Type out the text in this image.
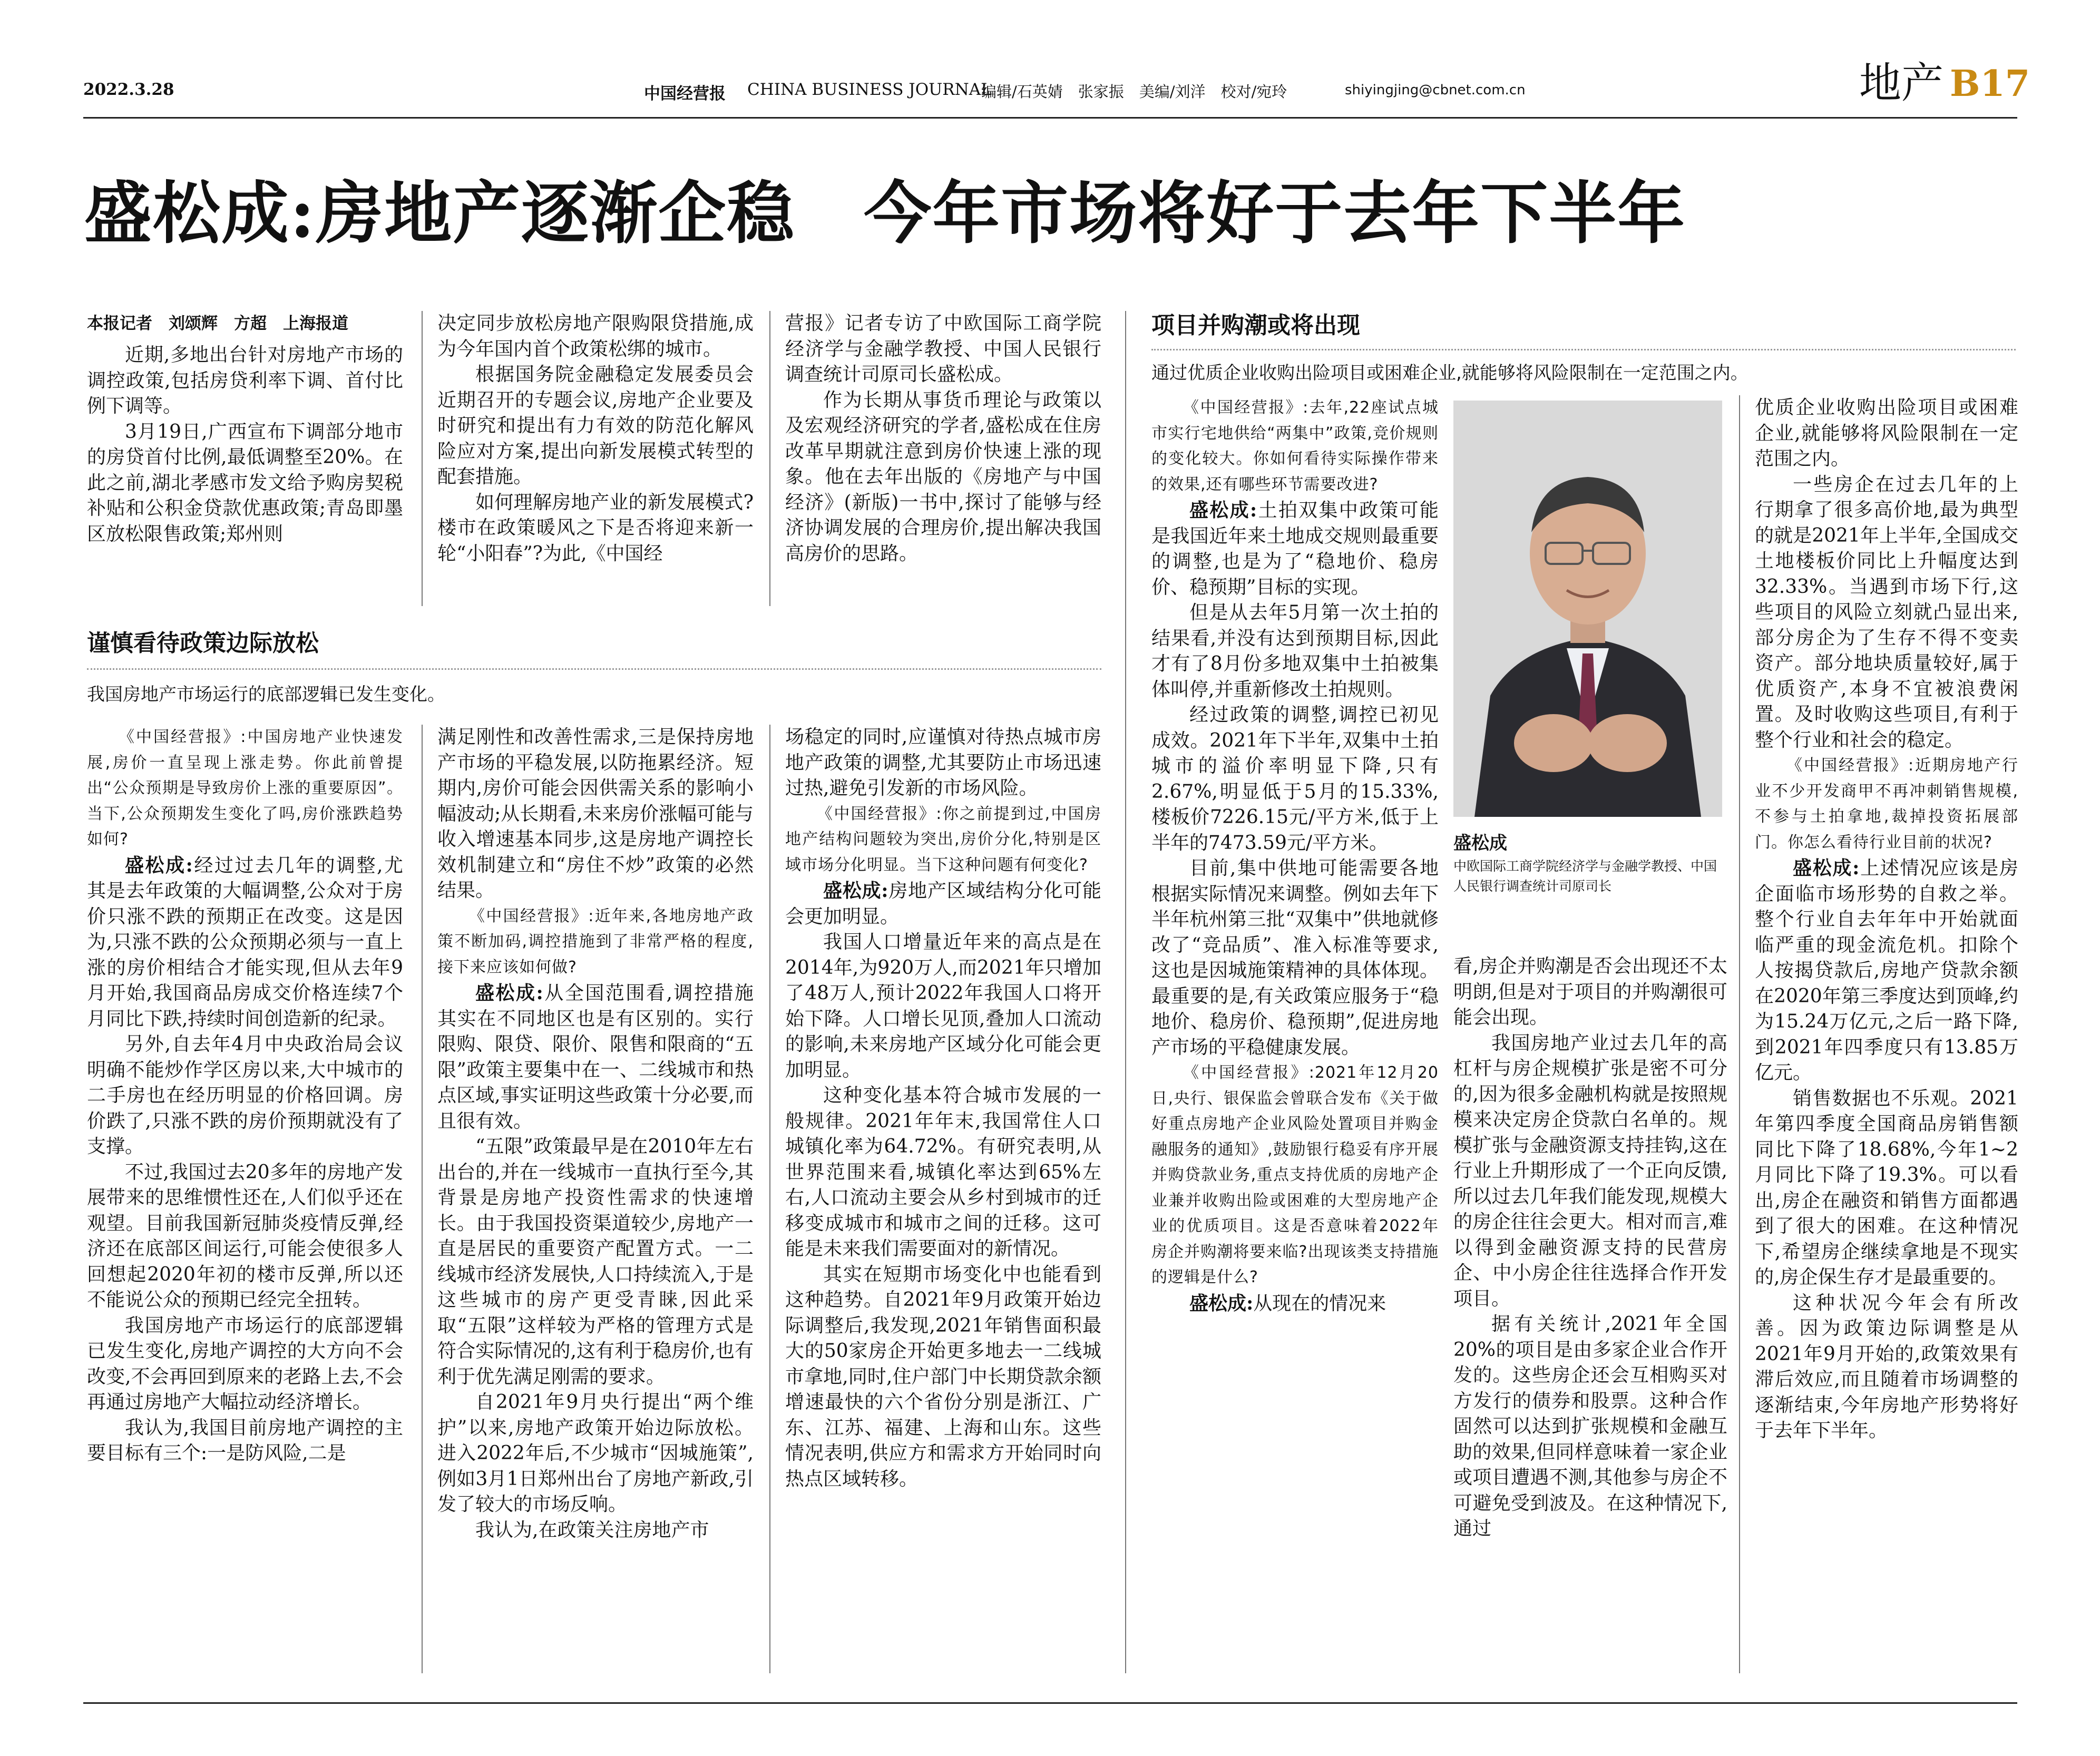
2022.3.28	中国经营报 CHINA BUSINESS JOURNAL
编辑/石英婧　张家振　美编/刘洋　校对/宛玲	shiyingjing@cbnet.com.cn	地产 B17
盛松成:房地产逐渐企稳　今年市场将好于去年下半年
本报记者　刘颂辉　方超　上海报道

近期,多地出台针对房地产市场的调控政策,包括房贷利率下调、首付比例下调等。

3月19日,广西宣布下调部分地市的房贷首付比例,最低调整至20%。在此之前,湖北孝感市发文给予购房契税补贴和公积金贷款优惠政策;青岛即墨区放松限售政策;郑州则

决定同步放松房地产限购限贷措施,成为今年国内首个政策松绑的城市。

根据国务院金融稳定发展委员会近期召开的专题会议,房地产企业要及时研究和提出有力有效的防范化解风险应对方案,提出向新发展模式转型的配套措施。

如何理解房地产业的新发展模式?楼市在政策暖风之下是否将迎来新一轮“小阳春”?为此,《中国经

营报》记者专访了中欧国际工商学院经济学与金融学教授、中国人民银行调查统计司原司长盛松成。

作为长期从事货币理论与政策以及宏观经济研究的学者,盛松成在住房改革早期就注意到房价快速上涨的现象。他在去年出版的《房地产与中国经济》(新版)一书中,探讨了能够与经济协调发展的合理房价,提出解决我国高房价的思路。

谨慎看待政策边际放松
我国房地产市场运行的底部逻辑已发生变化。

《中国经营报》:中国房地产业快速发展,房价一直呈现上涨走势。你此前曾提出“公众预期是导致房价上涨的重要原因”。当下,公众预期发生变化了吗,房价涨跌趋势如何?

盛松成:经过过去几年的调整,尤其是去年政策的大幅调整,公众对于房价只涨不跌的预期正在改变。这是因为,只涨不跌的公众预期必须与一直上涨的房价相结合才能实现,但从去年9月开始,我国商品房成交价格连续7个月同比下跌,持续时间创造新的纪录。

另外,自去年4月中央政治局会议明确不能炒作学区房以来,大中城市的二手房也在经历明显的价格回调。房价跌了,只涨不跌的房价预期就没有了支撑。

不过,我国过去20多年的房地产发展带来的思维惯性还在,人们似乎还在观望。目前我国新冠肺炎疫情反弹,经济还在底部区间运行,可能会使很多人回想起2020年初的楼市反弹,所以还不能说公众的预期已经完全扭转。

我国房地产市场运行的底部逻辑已发生变化,房地产调控的大方向不会改变,不会再回到原来的老路上去,不会再通过房地产大幅拉动经济增长。

我认为,我国目前房地产调控的主要目标有三个:一是防风险,二是

满足刚性和改善性需求,三是保持房地产市场的平稳发展,以防拖累经济。短期内,房价可能会因供需关系的影响小幅波动;从长期看,未来房价涨幅可能与收入增速基本同步,这是房地产调控长效机制建立和“房住不炒”政策的必然结果。

《中国经营报》:近年来,各地房地产政策不断加码,调控措施到了非常严格的程度,接下来应该如何做?

盛松成:从全国范围看,调控措施其实在不同地区也是有区别的。实行限购、限贷、限价、限售和限商的“五限”政策主要集中在一、二线城市和热点区域,事实证明这些政策十分必要,而且很有效。

“五限”政策最早是在2010年左右出台的,并在一线城市一直执行至今,其背景是房地产投资性需求的快速增长。由于我国投资渠道较少,房地产一直是居民的重要资产配置方式。一二线城市经济发展快,人口持续流入,于是这些城市的房产更受青睐,因此采取“五限”这样较为严格的管理方式是符合实际情况的,这有利于稳房价,也有利于优先满足刚需的要求。

自2021年9月央行提出“两个维护”以来,房地产政策开始边际放松。进入2022年后,不少城市“因城施策”,例如3月1日郑州出台了房地产新政,引发了较大的市场反响。

我认为,在政策关注房地产市

场稳定的同时,应谨慎对待热点城市房地产政策的调整,尤其要防止市场迅速过热,避免引发新的市场风险。

《中国经营报》:你之前提到过,中国房地产结构问题较为突出,房价分化,特别是区域市场分化明显。当下这种问题有何变化?

盛松成:房地产区域结构分化可能会更加明显。

我国人口增量近年来的高点是在2014年,为920万人,而2021年只增加了48万人,预计2022年我国人口将开始下降。人口增长见顶,叠加人口流动的影响,未来房地产区域分化可能会更加明显。

这种变化基本符合城市发展的一般规律。2021年年末,我国常住人口城镇化率为64.72%。有研究表明,从世界范围来看,城镇化率达到65%左右,人口流动主要会从乡村到城市的迁移变成城市和城市之间的迁移。这可能是未来我们需要面对的新情况。

其实在短期市场变化中也能看到这种趋势。自2021年9月政策开始边际调整后,我发现,2021年销售面积最大的50家房企开始更多地去一二线城市拿地,同时,住户部门中长期贷款余额增速最快的六个省份分别是浙江、广东、江苏、福建、上海和山东。这些情况表明,供应方和需求方开始同时向热点区域转移。

项目并购潮或将出现
通过优质企业收购出险项目或困难企业,就能够将风险限制在一定范围之内。

《中国经营报》:去年,22座试点城市实行宅地供给“两集中”政策,竞价规则的变化较大。你如何看待实际操作带来的效果,还有哪些环节需要改进?

盛松成:土拍双集中政策可能是我国近年来土地成交规则最重要的调整,也是为了“稳地价、稳房价、稳预期”目标的实现。

但是从去年5月第一次土拍的结果看,并没有达到预期目标,因此才有了8月份多地双集中土拍被集体叫停,并重新修改土拍规则。

经过政策的调整,调控已初见成效。2021年下半年,双集中土拍城市的溢价率明显下降,只有2.67%,明显低于5月的15.33%,楼板价7226.15元/平方米,低于上半年的7473.59元/平方米。

目前,集中供地可能需要各地根据实际情况来调整。例如去年下半年杭州第三批“双集中”供地就修改了“竞品质”、准入标准等要求,这也是因城施策精神的具体体现。最重要的是,有关政策应服务于“稳地价、稳房价、稳预期”,促进房地产市场的平稳健康发展。

《中国经营报》:2021年12月20日,央行、银保监会曾联合发布《关于做好重点房地产企业风险处置项目并购金融服务的通知》,鼓励银行稳妥有序开展并购贷款业务,重点支持优质的房地产企业兼并收购出险或困难的大型房地产企业的优质项目。这是否意味着2022年房企并购潮将要来临?出现该类支持措施的逻辑是什么?

盛松成:从现在的情况来

盛松成
中欧国际工商学院经济学与金融学教授、中国人民银行调查统计司原司长

看,房企并购潮是否会出现还不太明朗,但是对于项目的并购潮很可能会出现。

我国房地产业过去几年的高杠杆与房企规模扩张是密不可分的,因为很多金融机构就是按照规模来决定房企贷款白名单的。规模扩张与金融资源支持挂钩,这在行业上升期形成了一个正向反馈,所以过去几年我们能发现,规模大的房企往往会更大。相对而言,难以得到金融资源支持的民营房企、中小房企往往选择合作开发项目。

据有关统计,2021年全国20%的项目是由多家企业合作开发的。这些房企还会互相购买对方发行的债券和股票。这种合作固然可以达到扩张规模和金融互助的效果,但同样意味着一家企业或项目遭遇不测,其他参与房企不可避免受到波及。在这种情况下,通过

优质企业收购出险项目或困难企业,就能够将风险限制在一定范围之内。

一些房企在过去几年的上行期拿了很多高价地,最为典型的就是2021年上半年,全国成交土地楼板价同比上升幅度达到32.33%。当遇到市场下行,这些项目的风险立刻就凸显出来,部分房企为了生存不得不变卖资产。部分地块质量较好,属于优质资产,本身不宜被浪费闲置。及时收购这些项目,有利于整个行业和社会的稳定。

《中国经营报》:近期房地产行业不少开发商甲不再冲刺销售规模,不参与土拍拿地,裁掉投资拓展部门。你怎么看待行业目前的状况?

盛松成:上述情况应该是房企面临市场形势的自救之举。整个行业自去年年中开始就面临严重的现金流危机。扣除个人按揭贷款后,房地产贷款余额在2020年第三季度达到顶峰,约为15.24万亿元,之后一路下降,到2021年四季度只有13.85万亿元。

销售数据也不乐观。2021年第四季度全国商品房销售额同比下降了18.68%,今年1~2月同比下降了19.3%。可以看出,房企在融资和销售方面都遇到了很大的困难。在这种情况下,希望房企继续拿地是不现实的,房企保生存才是最重要的。

这种状况今年会有所改善。因为政策边际调整是从2021年9月开始的,政策效果有滞后效应,而且随着市场调整的逐渐结束,今年房地产形势将好于去年下半年。
